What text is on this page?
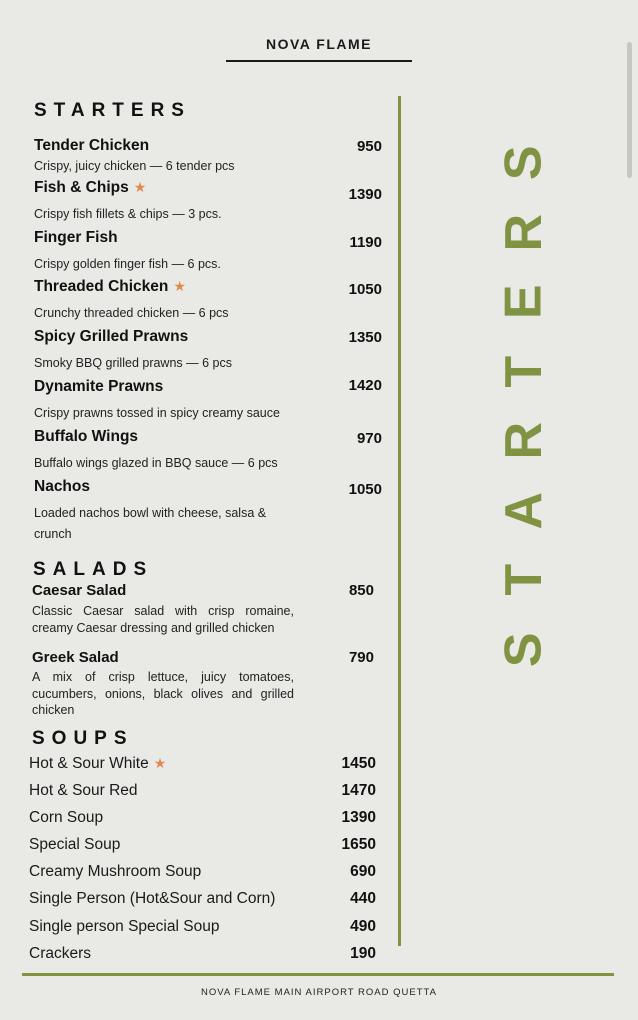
NOVA FLAME
STARTERS
Tender Chicken	950
Crispy, juicy chicken — 6 tender pcs
Fish & Chips ★	1390
Crispy fish fillets & chips — 3 pcs.
Finger Fish	1190
Crispy golden finger fish — 6 pcs.
Threaded Chicken ★	1050
Crunchy threaded chicken — 6 pcs
Spicy Grilled Prawns	1350
Smoky BBQ grilled prawns — 6 pcs
Dynamite Prawns	1420
Crispy prawns tossed in spicy creamy sauce
Buffalo Wings	970
Buffalo wings glazed in BBQ sauce — 6 pcs
Nachos	1050
Loaded nachos bowl with cheese, salsa & crunch
SALADS
Caesar Salad	850
Classic Caesar salad with crisp romaine, creamy Caesar dressing and grilled chicken
Greek Salad	790
A mix of crisp lettuce, juicy tomatoes, cucumbers, onions, black olives and grilled chicken
SOUPS
Hot & Sour White ★	1450
Hot & Sour Red	1470
Corn Soup	1390
Special Soup	1650
Creamy Mushroom Soup	690
Single Person (Hot&Sour and Corn)	440
Single person Special Soup	490
Crackers	190
S
R
E
T
R
A
T
S
NOVA FLAME MAIN AIRPORT ROAD QUETTA
